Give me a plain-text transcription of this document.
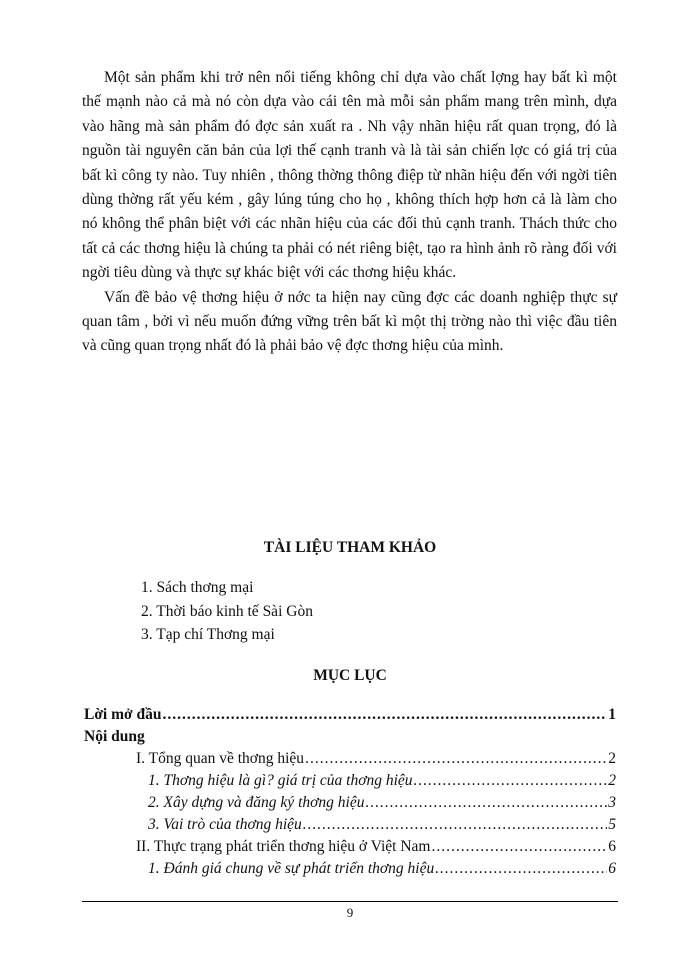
Một sản phẩm khi trở nên nổi tiếng không chỉ dựa vào chất lợng hay bất kì một thế mạnh nào cả mà nó còn dựa vào cái tên mà mỗi sản phẩm mang trên mình, dựa vào hãng mà sản phẩm đó đợc sản xuất ra . Nh vậy nhãn hiệu rất quan trọng, đó là nguồn tài nguyên căn bản của lợi thế cạnh tranh và là tài sản chiến lợc có giá trị của bất kì công ty nào. Tuy nhiên , thông thờng thông điệp từ nhãn hiệu đến với ngời tiên dùng thờng rất yếu kém , gây lúng túng cho họ , không thích hợp hơn cả là làm cho nó không thể phân biệt với các nhãn hiệu của các đối thủ cạnh tranh. Thách thức cho tất cả các thơng hiệu là chúng ta phải có nét riêng biệt, tạo ra hình ảnh rõ ràng đối với ngời tiêu dùng và thực sự khác biệt với các thơng hiệu khác.

Vấn đề bảo vệ thơng hiệu ở nớc ta hiện nay cũng đợc các doanh nghiệp thực sự quan tâm , bởi vì nếu muốn đứng vững trên bất kì một thị trờng nào thì việc đầu tiên và cũng quan trọng nhất đó là phải bảo vệ đợc thơng hiệu của mình.

TÀI LIỆU THAM KHẢO
1. Sách thơng mại
2. Thời báo kinh tế Sài Gòn
3. Tạp chí Thơng mại
MỤC LỤC
Lời mở đầu .....	1
Nội dung
I. Tổng quan về thơng hiệu .....	2
1. Thơng hiệu là gì? giá trị của thơng hiệu .....	2
2. Xây dựng và đăng ký thơng hiệu .....	3
3. Vai trò của thơng hiệu .....	5
II. Thực trạng phát triển thơng hiệu ở Việt Nam .....	6
1. Đánh giá chung về sự phát triển thơng hiệu .....	6

9
